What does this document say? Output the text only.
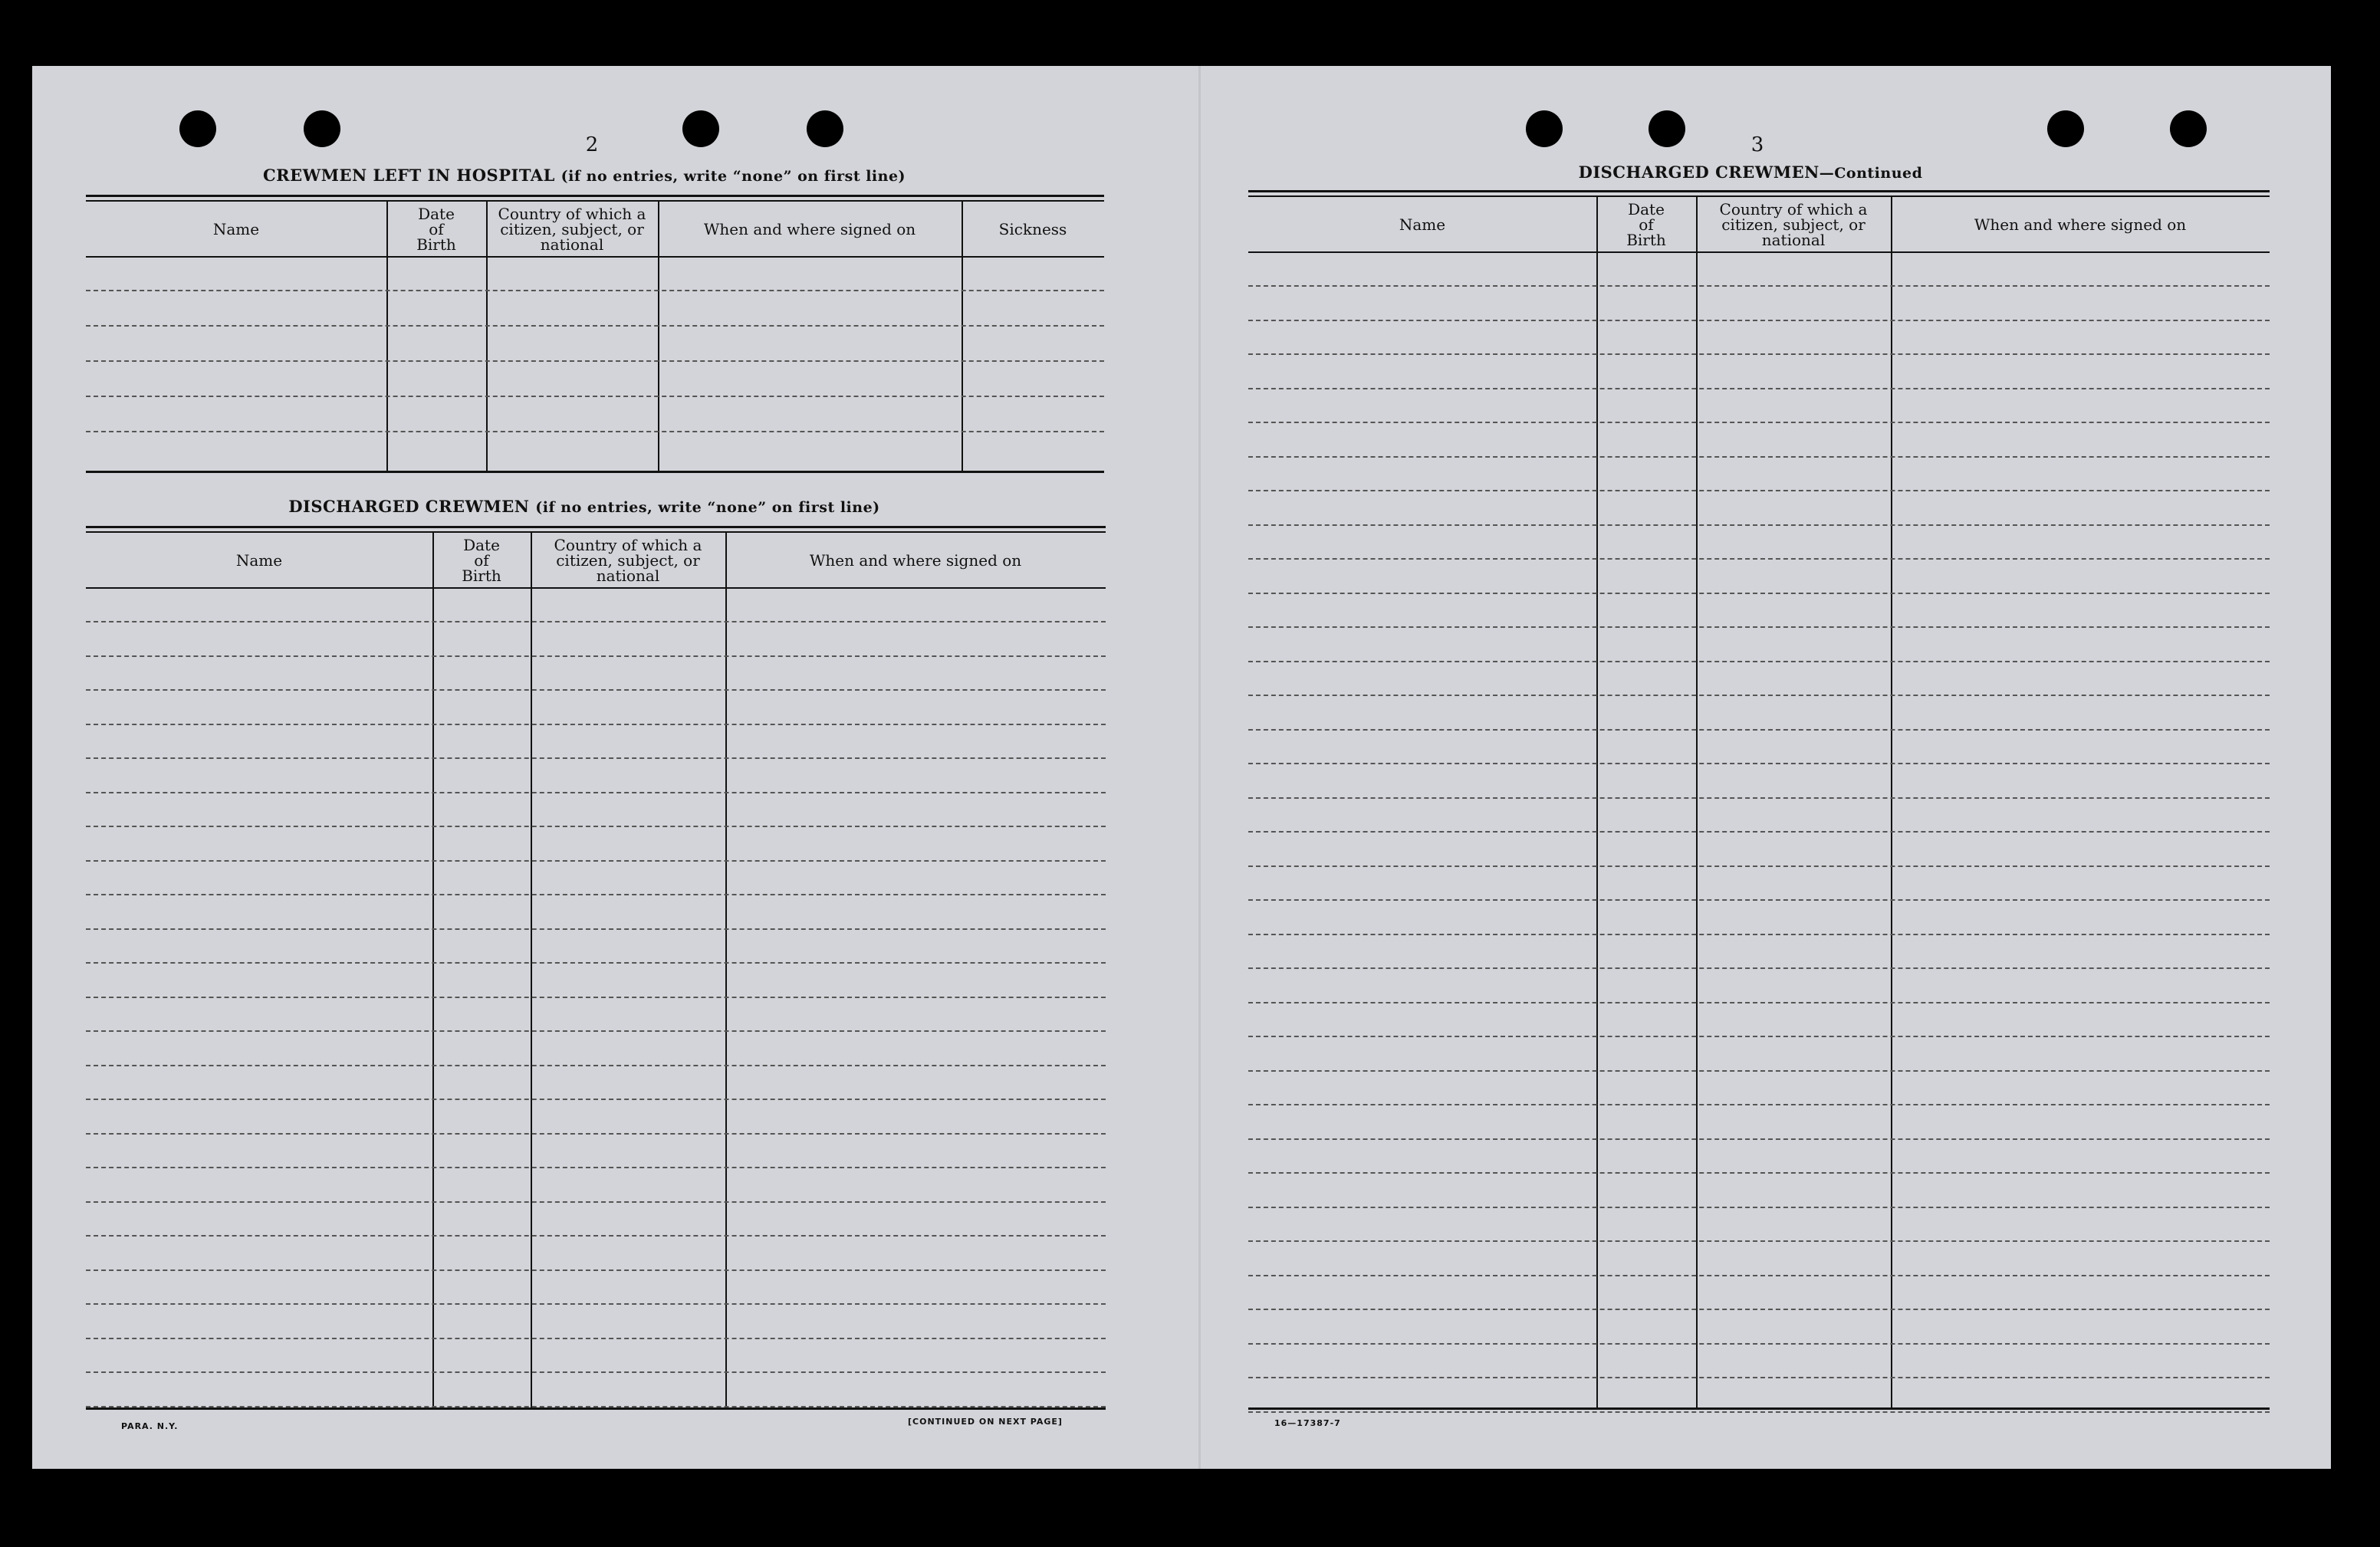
2
CREWMEN LEFT IN HOSPITAL (if no entries, write “none” on first line)
Name
Date
of
Birth
Country of which a
citizen, subject, or
national
When and where signed on	Sickness
DISCHARGED CREWMEN (if no entries, write “none” on first line)
Name
Date
of
Birth
Country of which a
citizen, subject, or
national
When and where signed on
PARA. N.Y.	[CONTINUED ON NEXT PAGE]
3
DISCHARGED CREWMEN—Continued
Name
Date
of
Birth
Country of which a
citizen, subject, or
national
When and where signed on
16—17387-7
